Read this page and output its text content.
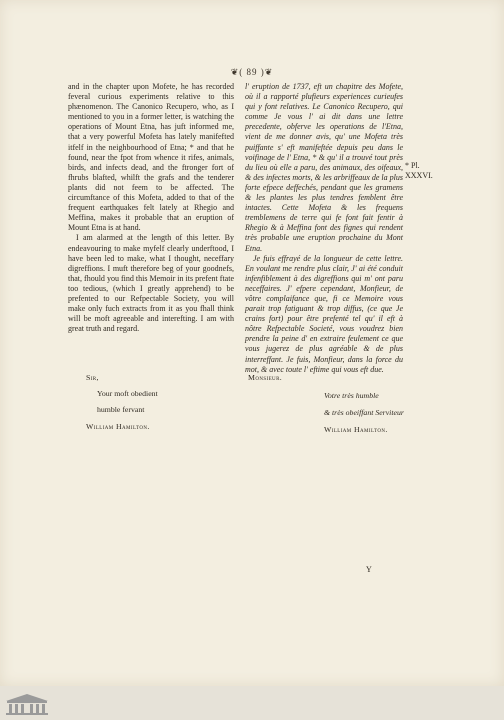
❦( 89 )❦

and in the chapter upon Mofete, he has recorded feveral curious experiments relative to this phænomenon. The Canonico Recupero, who, as I mentioned to you in a former letter, is watching the operations of Mount Etna, has juft informed me, that a very powerful Mofeta has lately manifefted itfelf in the neighbourhood of Etna; * and that he found, near the fpot from whence it rifes, animals, birds, and infects dead, and the ftronger fort of fhrubs blafted, whilft the grafs and the tenderer plants did not feem to be affected. The circumftance of this Mofeta, added to that of the frequent earthquakes felt lately at Rhegio and Meffina, makes it probable that an eruption of Mount Etna is at hand.

I am alarmed at the length of this letter. By endeavouring to make myfelf clearly underftood, I have been led to make, what I thought, neceffary digreffions. I muft therefore beg of your goodnefs, that, fhould you find this Memoir in its prefent ftate too tedious, (which I greatly apprehend) to be prefented to our Refpectable Society, you will make only fuch extracts from it as you fhall think will be moft agreeable and interefting. I am with great truth and regard.

l' eruption de 1737, eft un chapitre des Mofete, où il a rapporté plufieurs experiences curieufes qui y font relatives. Le Canonico Recupero, qui comme Je vous l' ai dit dans une lettre precedente, obferve les operations de l'Etna, vient de me donner avis, qu' une Mofeta très puiffante s' eft manifeftée depuis peu dans le voifinage de l' Etna, * & qu' il a trouvé tout près du lieu où elle a paru, des animaux, des oifeaux, & des infectes morts, & les arbriffeaux de la plus forte efpece deffechés, pendant que les gramens & les plantes les plus tendres femblent être intactes. Cette Mofeta & les frequens tremblemens de terre qui fe font fait fentir à Rhegio & à Meffina font des fignes qui rendent très probable une eruption prochaine du Mont Etna.

Je fuis effrayé de la longueur de cette lettre. En voulant me rendre plus clair, J' ai été conduit infenfiblement à des digreffions qui m' ont paru neceffaires. J' efpere cependant, Monfieur, de vôtre complaifance que, fi ce Memoire vous parait trop fatiguant & trop diffus, (ce que Je crains fort) pour être prefenté tel qu' il eft à nôtre Refpectable Societé, vous voudrez bien prendre la peine d' en extraire feulement ce que vous jugerez de plus agréable & de plus interreffant. Je fuis, Monfieur, dans la force du mot, & avec toute l' eftime qui vous eft due.

* Pl. XXXVI.
Sir,
Your moft obedient
humble fervant
William Hamilton.
Monsieur.
Votre très humble
& très obeiffant Serviteur
William Hamilton.
Y
